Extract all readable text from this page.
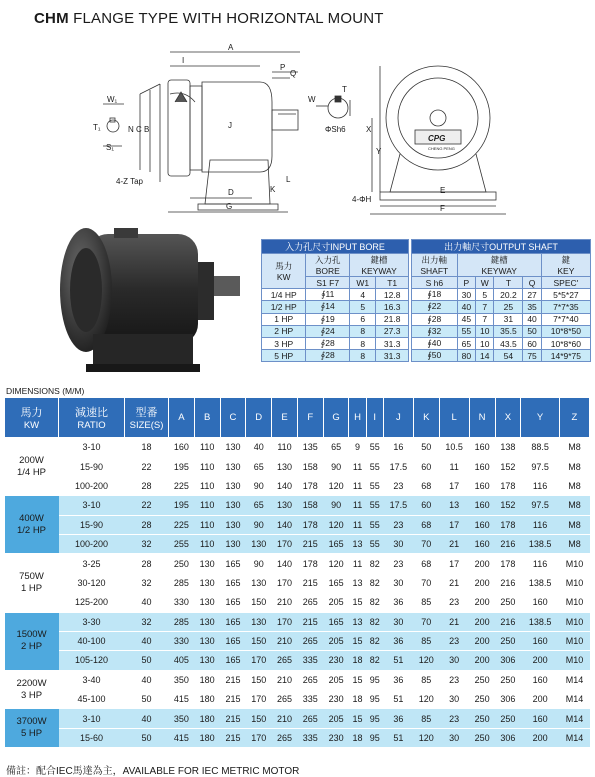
CHM FLANGE TYPE WITH HORIZONTAL MOUNT
A
I
P
Q
W₁
T₁
S₁
N C B	J
W
T
ΦSh6	X
Y
4-Z Tap
D
G
K
L
E
F
4-ΦH
CPG
CHENG PENG
入力孔尺寸INPUT BORE			
馬力
KW	入力孔
BORE	鍵槽
KEYWAY	
	S1 F7	W1	T1
1/4 HP	∮11	4	12.8
1/2 HP	∮14	5	16.3
1 HP	∮19	6	21.8
2 HP	∮24	8	27.3
3 HP	∮28	8	31.3
5 HP	∮28	8	31.3
出力軸尺寸OUTPUT SHAFT					
出力軸
SHAFT	鍵槽
KEYWAY				鍵
KEY
S h6	P	W	T	Q	SPEC'
∮18	30	5	20.2	27	5*5*27
∮22	40	7	25	35	7*7*35
∮28	45	7	31	40	7*7*40
∮32	55	10	35.5	50	10*8*50
∮40	65	10	43.5	60	10*8*60
∮50	80	14	54	75	14*9*75
DIMENSIONS (M/M)
馬力
KW	減速比
RATIO	型番
SIZE(S)	A	B	C	D	E	F	G	H	I	J	K	L	N	X	Y	Z
200W
1/4 HP	3-10	18	160	110	130	40	110	135	65	9	55	16	50	10.5	160	138	88.5	M8
	15-90	22	195	110	130	65	130	158	90	11	55	17.5	60	11	160	152	97.5	M8
	100-200	28	225	110	130	90	140	178	120	11	55	23	68	17	160	178	116	M8
400W
1/2 HP	3-10	22	195	110	130	65	130	158	90	11	55	17.5	60	13	160	152	97.5	M8
	15-90	28	225	110	130	90	140	178	120	11	55	23	68	17	160	178	116	M8
	100-200	32	255	110	130	130	170	215	165	13	55	30	70	21	160	216	138.5	M8
750W
1 HP	3-25	28	250	130	165	90	140	178	120	11	82	23	68	17	200	178	116	M10
	30-120	32	285	130	165	130	170	215	165	13	82	30	70	21	200	216	138.5	M10
	125-200	40	330	130	165	150	210	265	205	15	82	36	85	23	200	250	160	M10
1500W
2 HP	3-30	32	285	130	165	130	170	215	165	13	82	30	70	21	200	216	138.5	M10
	40-100	40	330	130	165	150	210	265	205	15	82	36	85	23	200	250	160	M10
	105-120	50	405	130	165	170	265	335	230	18	82	51	120	30	200	306	200	M10
2200W
3 HP	3-40	40	350	180	215	150	210	265	205	15	95	36	85	23	250	250	160	M14
	45-100	50	415	180	215	170	265	335	230	18	95	51	120	30	250	306	200	M14
3700W
5 HP	3-10	40	350	180	215	150	210	265	205	15	95	36	85	23	250	250	160	M14
	15-60	50	415	180	215	170	265	335	230	18	95	51	120	30	250	306	200	M14
備註：配合IEC馬達為主，AVAILABLE FOR IEC METRIC MOTOR
